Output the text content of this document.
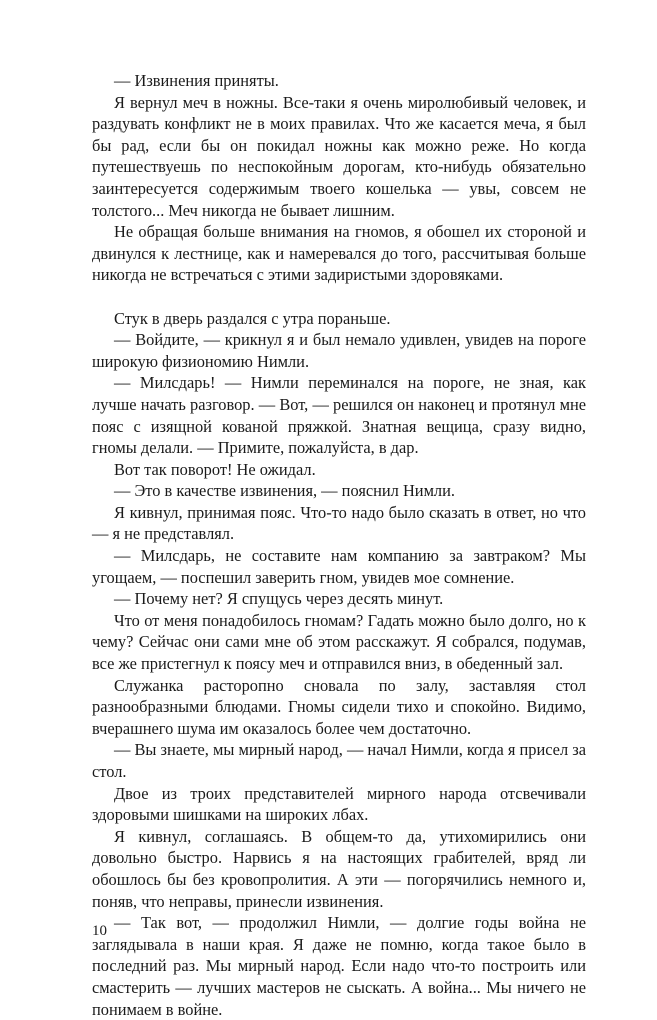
— Извинения приняты.

Я вернул меч в ножны. Все-таки я очень миролюбивый человек, и раздувать конфликт не в моих правилах. Что же касается меча, я был бы рад, если бы он покидал ножны как можно реже. Но когда путешествуешь по неспокойным дорогам, кто-нибудь обязательно заинтересуется содержимым твоего кошелька — увы, совсем не толстого... Меч никогда не бывает лишним.

Не обращая больше внимания на гномов, я обошел их стороной и двинулся к лестнице, как и намеревался до того, рассчитывая больше никогда не встречаться с этими задиристыми здоровяками.

Стук в дверь раздался с утра пораньше.

— Войдите, — крикнул я и был немало удивлен, увидев на пороге широкую физиономию Нимли.

— Милсдарь! — Нимли переминался на пороге, не зная, как лучше начать разговор. — Вот, — решился он наконец и протянул мне пояс с изящной кованой пряжкой. Знатная вещица, сразу видно, гномы делали. — Примите, пожалуйста, в дар.

Вот так поворот! Не ожидал.

— Это в качестве извинения, — пояснил Нимли.

Я кивнул, принимая пояс. Что-то надо было сказать в ответ, но что — я не представлял.

— Милсдарь, не составите нам компанию за завтраком? Мы угощаем, — поспешил заверить гном, увидев мое сомнение.

— Почему нет? Я спущусь через десять минут.

Что от меня понадобилось гномам? Гадать можно было долго, но к чему? Сейчас они сами мне об этом расскажут. Я собрался, подумав, все же пристегнул к поясу меч и отправился вниз, в обеденный зал.

Служанка расторопно сновала по залу, заставляя стол разнообразными блюдами. Гномы сидели тихо и спокойно. Видимо, вчерашнего шума им оказалось более чем достаточно.

— Вы знаете, мы мирный народ, — начал Нимли, когда я присел за стол.

Двое из троих представителей мирного народа отсвечивали здоровыми шишками на широких лбах.

Я кивнул, соглашаясь. В общем-то да, утихомирились они довольно быстро. Нарвись я на настоящих грабителей, вряд ли обошлось бы без кровопролития. А эти — погорячились немного и, поняв, что неправы, принесли извинения.

— Так вот, — продолжил Нимли, — долгие годы война не заглядывала в наши края. Я даже не помню, когда такое было в последний раз. Мы мирный народ. Если надо что-то построить или смастерить — лучших мастеров не сыскать. А война... Мы ничего не понимаем в войне.

10
